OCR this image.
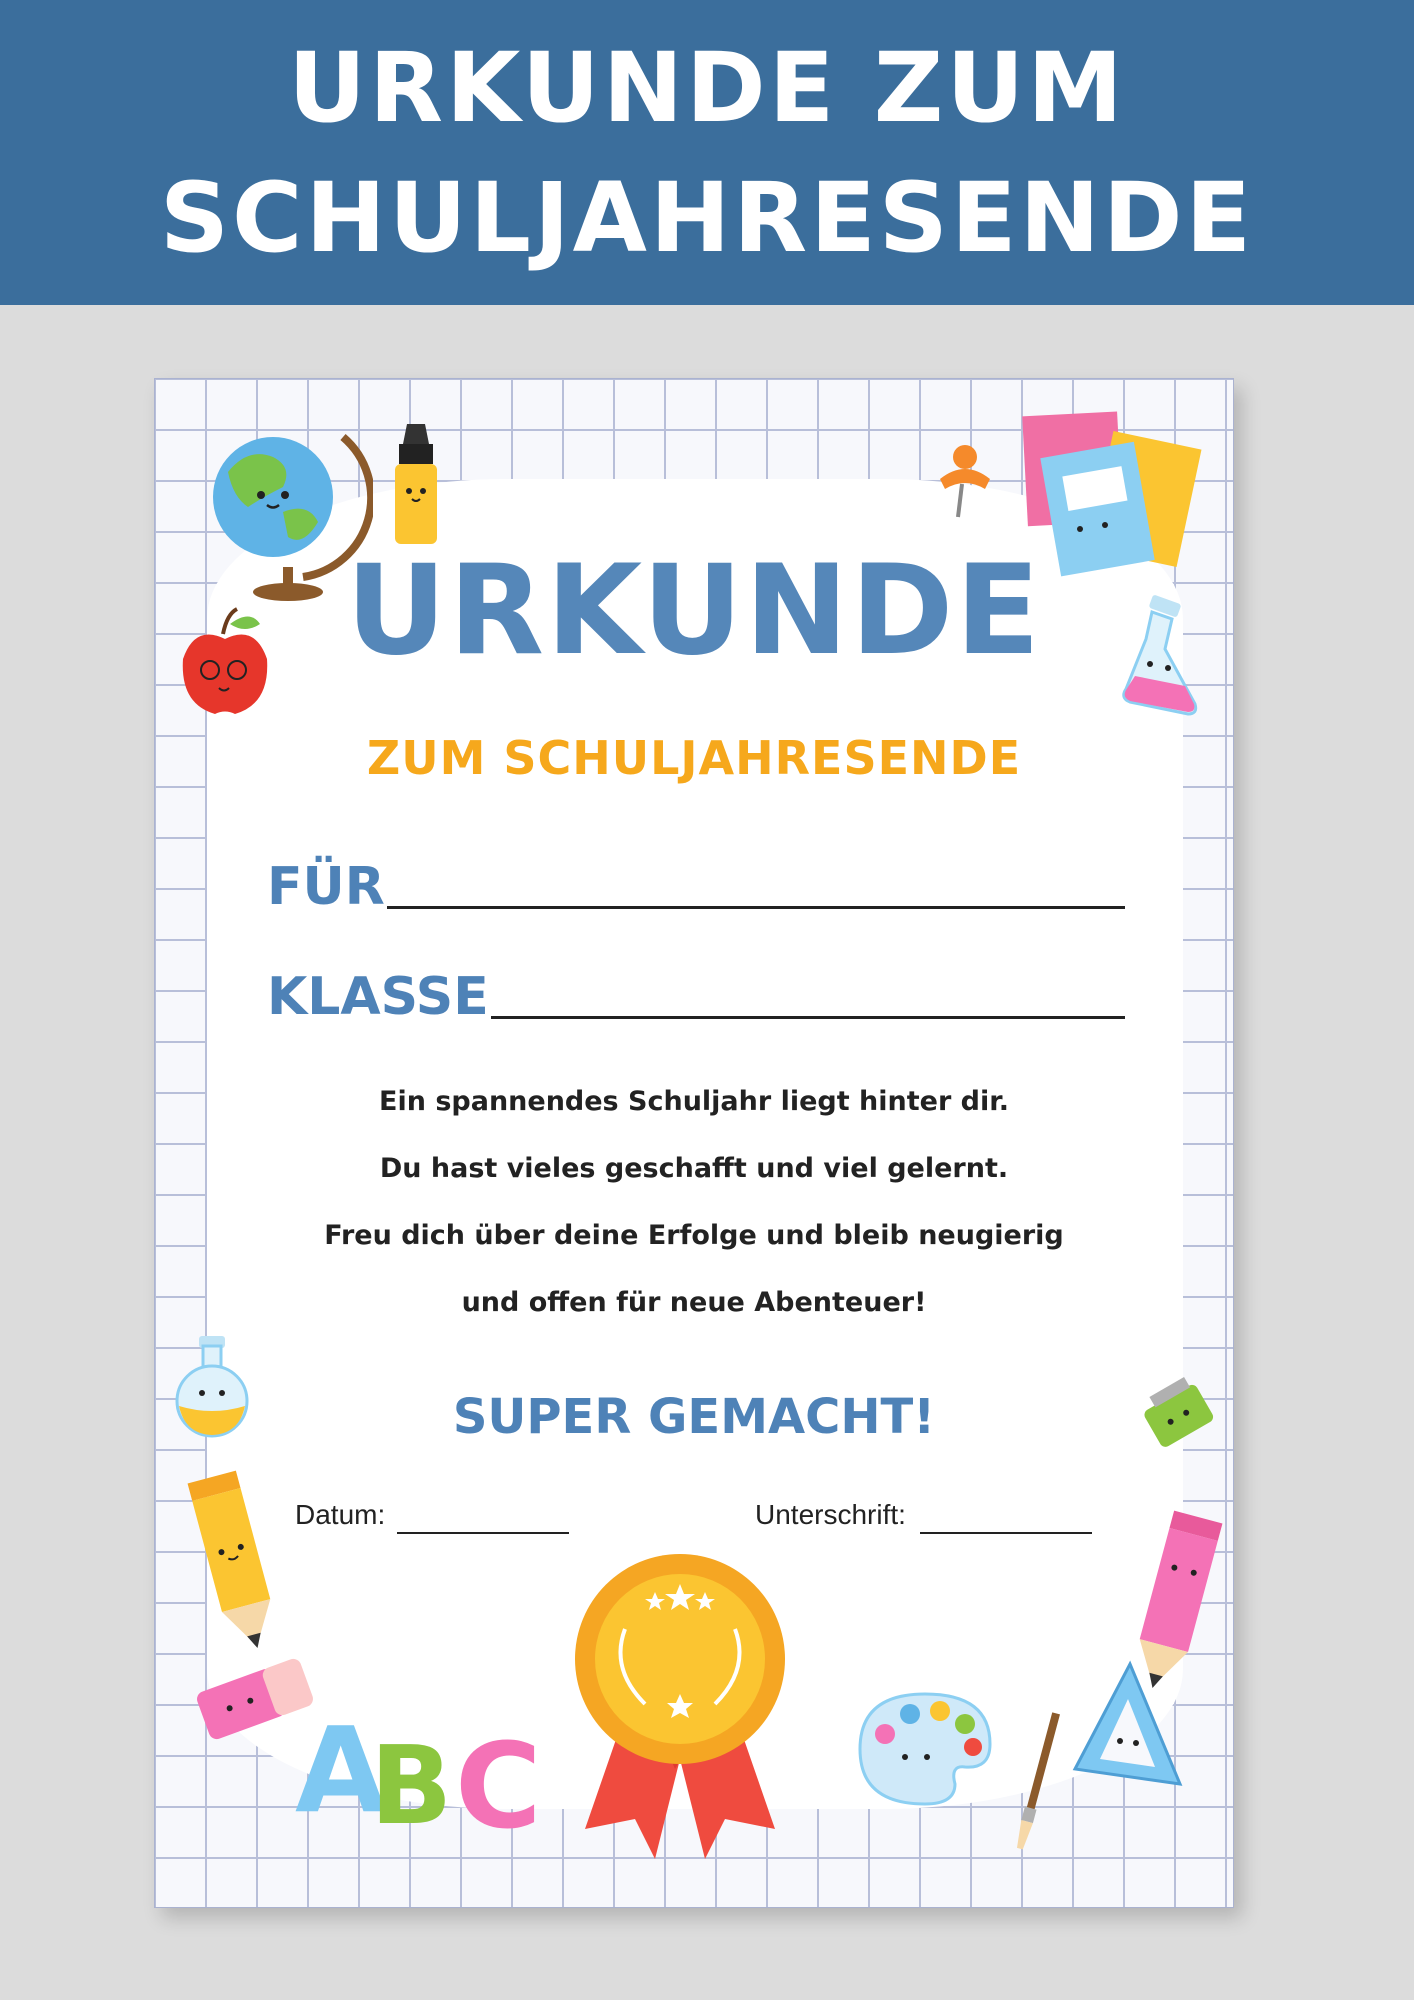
URKUNDE ZUM
SCHULJAHRESENDE
A
B C
URKUNDE
ZUM SCHULJAHRESENDE
FÜR
KLASSE
Ein spannendes Schuljahr liegt hinter dir.
Du hast vieles geschafft und viel gelernt.
Freu dich über deine Erfolge und bleib neugierig
und offen für neue Abenteuer!
SUPER GEMACHT!
Datum:	Unterschrift:
